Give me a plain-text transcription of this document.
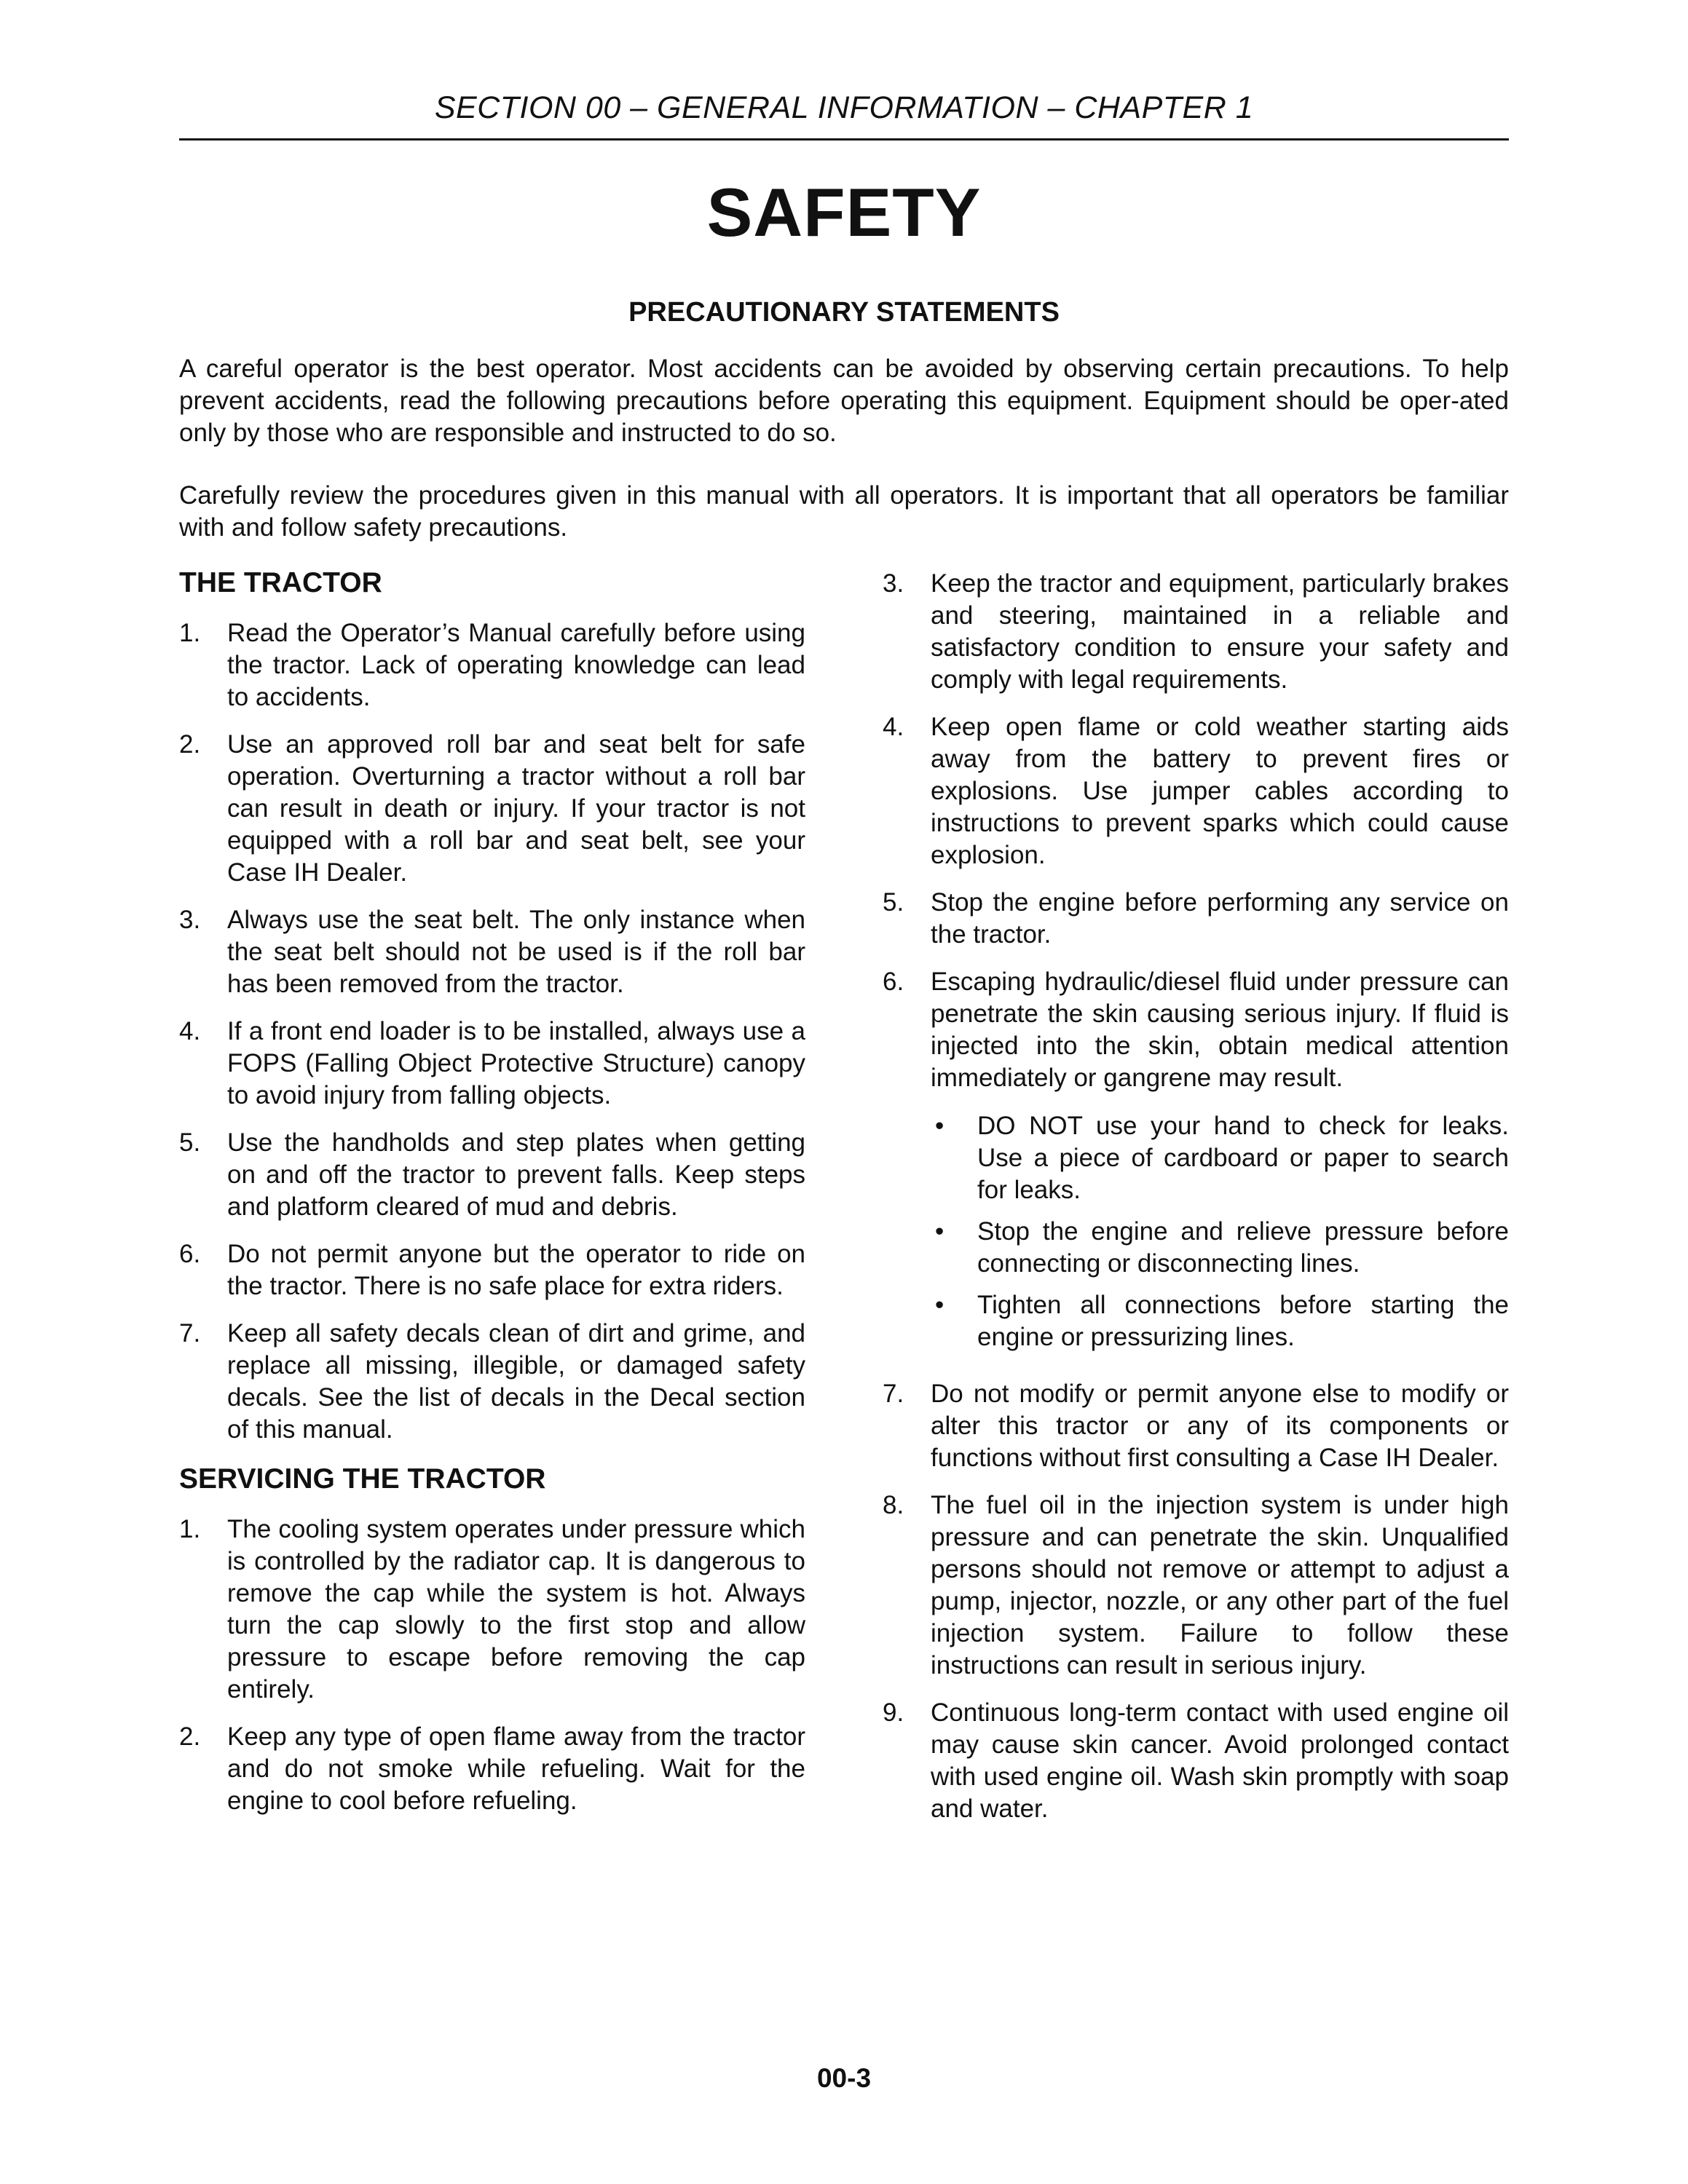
SECTION 00 – GENERAL INFORMATION – CHAPTER 1
SAFETY
PRECAUTIONARY STATEMENTS

A careful operator is the best operator. Most accidents can be avoided by observing certain precautions. To help prevent accidents, read the following precautions before operating this equipment. Equipment should be oper-ated only by those who are responsible and instructed to do so.

Carefully review the procedures given in this manual with all operators. It is important that all operators be familiar with and follow safety precautions.

THE TRACTOR
1.	Read the Operator’s Manual carefully before using the tractor. Lack of operating knowledge can lead to accidents.
2.	Use an approved roll bar and seat belt for safe operation. Overturning a tractor without a roll bar can result in death or injury. If your tractor is not equipped with a roll bar and seat belt, see your Case IH Dealer.
3.	Always use the seat belt. The only instance when the seat belt should not be used is if the roll bar has been removed from the tractor.
4.	If a front end loader is to be installed, always use a FOPS (Falling Object Protective Structure) canopy to avoid injury from falling objects.
5.	Use the handholds and step plates when getting on and off the tractor to prevent falls. Keep steps and platform cleared of mud and debris.
6.	Do not permit anyone but the operator to ride on the tractor. There is no safe place for extra riders.
7.	Keep all safety decals clean of dirt and grime, and replace all missing, illegible, or damaged safety decals. See the list of decals in the Decal section of this manual.
SERVICING THE TRACTOR
1.	The cooling system operates under pressure which is controlled by the radiator cap. It is dangerous to remove the cap while the system is hot. Always turn the cap slowly to the first stop and allow pressure to escape before removing the cap entirely.
2.	Keep any type of open flame away from the tractor and do not smoke while refueling. Wait for the engine to cool before refueling.
3.	Keep the tractor and equipment, particularly brakes and steering, maintained in a reliable and satisfactory condition to ensure your safety and comply with legal requirements.
4.	Keep open flame or cold weather starting aids away from the battery to prevent fires or explosions. Use jumper cables according to instructions to prevent sparks which could cause explosion.
5.	Stop the engine before performing any service on the tractor.
6.	Escaping hydraulic/diesel fluid under pressure can penetrate the skin causing serious injury. If fluid is injected into the skin, obtain medical attention immediately or gangrene may result.
•	DO NOT use your hand to check for leaks. Use a piece of cardboard or paper to search for leaks.
•	Stop the engine and relieve pressure before connecting or disconnecting lines.
•	Tighten all connections before starting the engine or pressurizing lines.
7.	Do not modify or permit anyone else to modify or alter this tractor or any of its components or functions without first consulting a Case IH Dealer.
8.	The fuel oil in the injection system is under high pressure and can penetrate the skin. Unqualified persons should not remove or attempt to adjust a pump, injector, nozzle, or any other part of the fuel injection system. Failure to follow these instructions can result in serious injury.
9.	Continuous long-term contact with used engine oil may cause skin cancer. Avoid prolonged contact with used engine oil. Wash skin promptly with soap and water.
00-3
